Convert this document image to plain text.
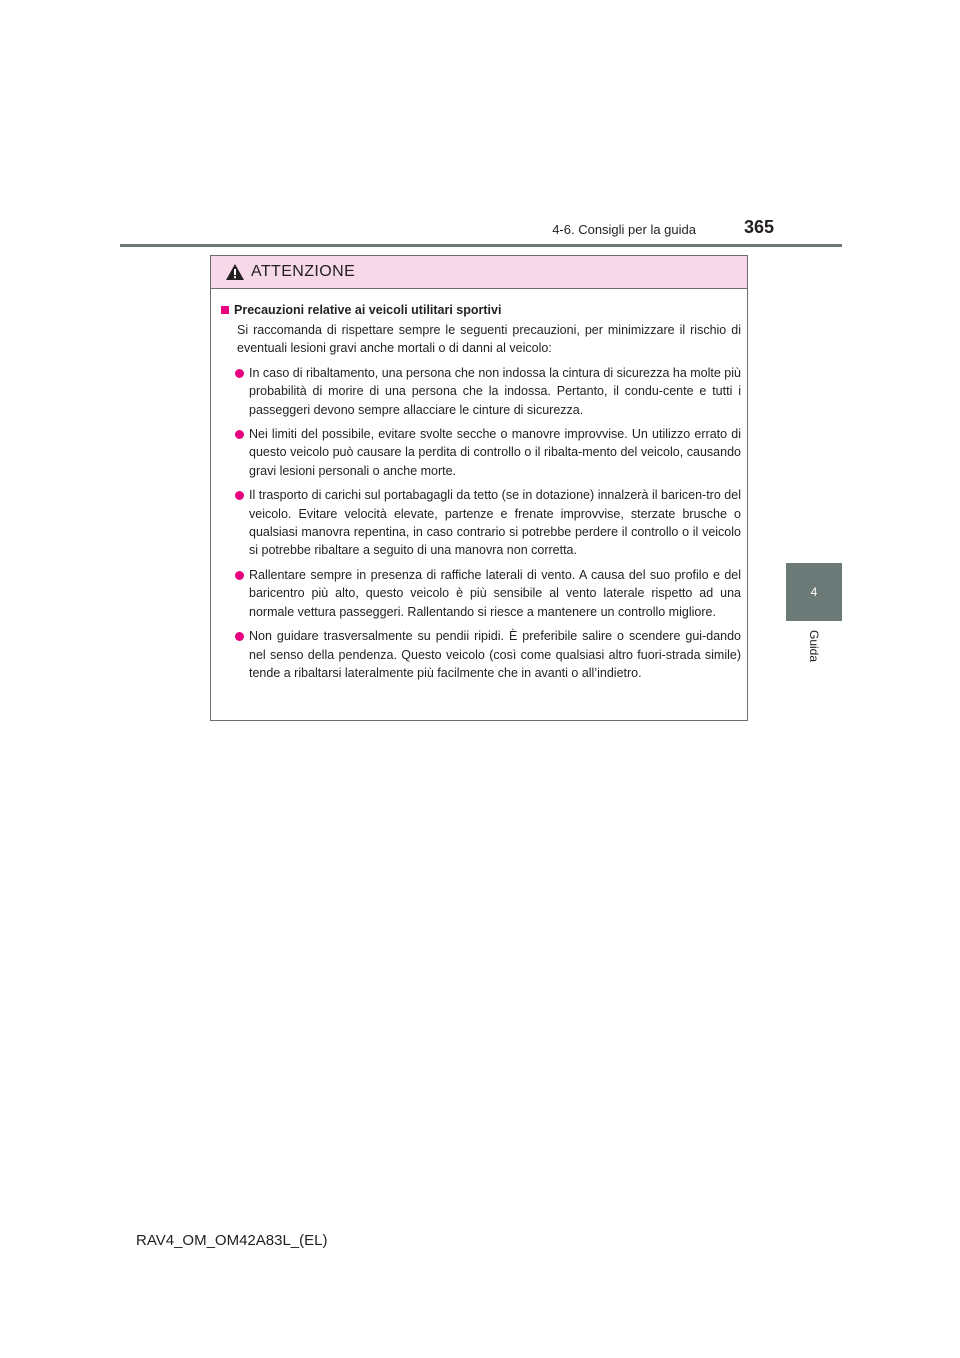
4-6. Consigli per la guida	365
4
Guida
ATTENZIONE
Precauzioni relative ai veicoli utilitari sportivi
Si raccomanda di rispettare sempre le seguenti precauzioni, per minimizzare il rischio di eventuali lesioni gravi anche mortali o di danni al veicolo:
In caso di ribaltamento, una persona che non indossa la cintura di sicurezza ha molte più probabilità di morire di una persona che la indossa. Pertanto, il condu-cente e tutti i passeggeri devono sempre allacciare le cinture di sicurezza.
Nei limiti del possibile, evitare svolte secche o manovre improvvise. Un utilizzo errato di questo veicolo può causare la perdita di controllo o il ribalta-mento del veicolo, causando gravi lesioni personali o anche morte.
Il trasporto di carichi sul portabagagli da tetto (se in dotazione) innalzerà il baricen-tro del veicolo. Evitare velocità elevate, partenze e frenate improvvise, sterzate brusche o qualsiasi manovra repentina, in caso contrario si potrebbe perdere il controllo o il veicolo si potrebbe ribaltare a seguito di una manovra non corretta.
Rallentare sempre in presenza di raffiche laterali di vento. A causa del suo profilo e del baricentro più alto, questo veicolo è più sensibile al vento laterale rispetto ad una normale vettura passeggeri. Rallentando si riesce a mantenere un controllo migliore.
Non guidare trasversalmente su pendii ripidi. È preferibile salire o scendere gui-dando nel senso della pendenza. Questo veicolo (così come qualsiasi altro fuori-strada simile) tende a ribaltarsi lateralmente più facilmente che in avanti o all’indietro.
RAV4_OM_OM42A83L_(EL)
